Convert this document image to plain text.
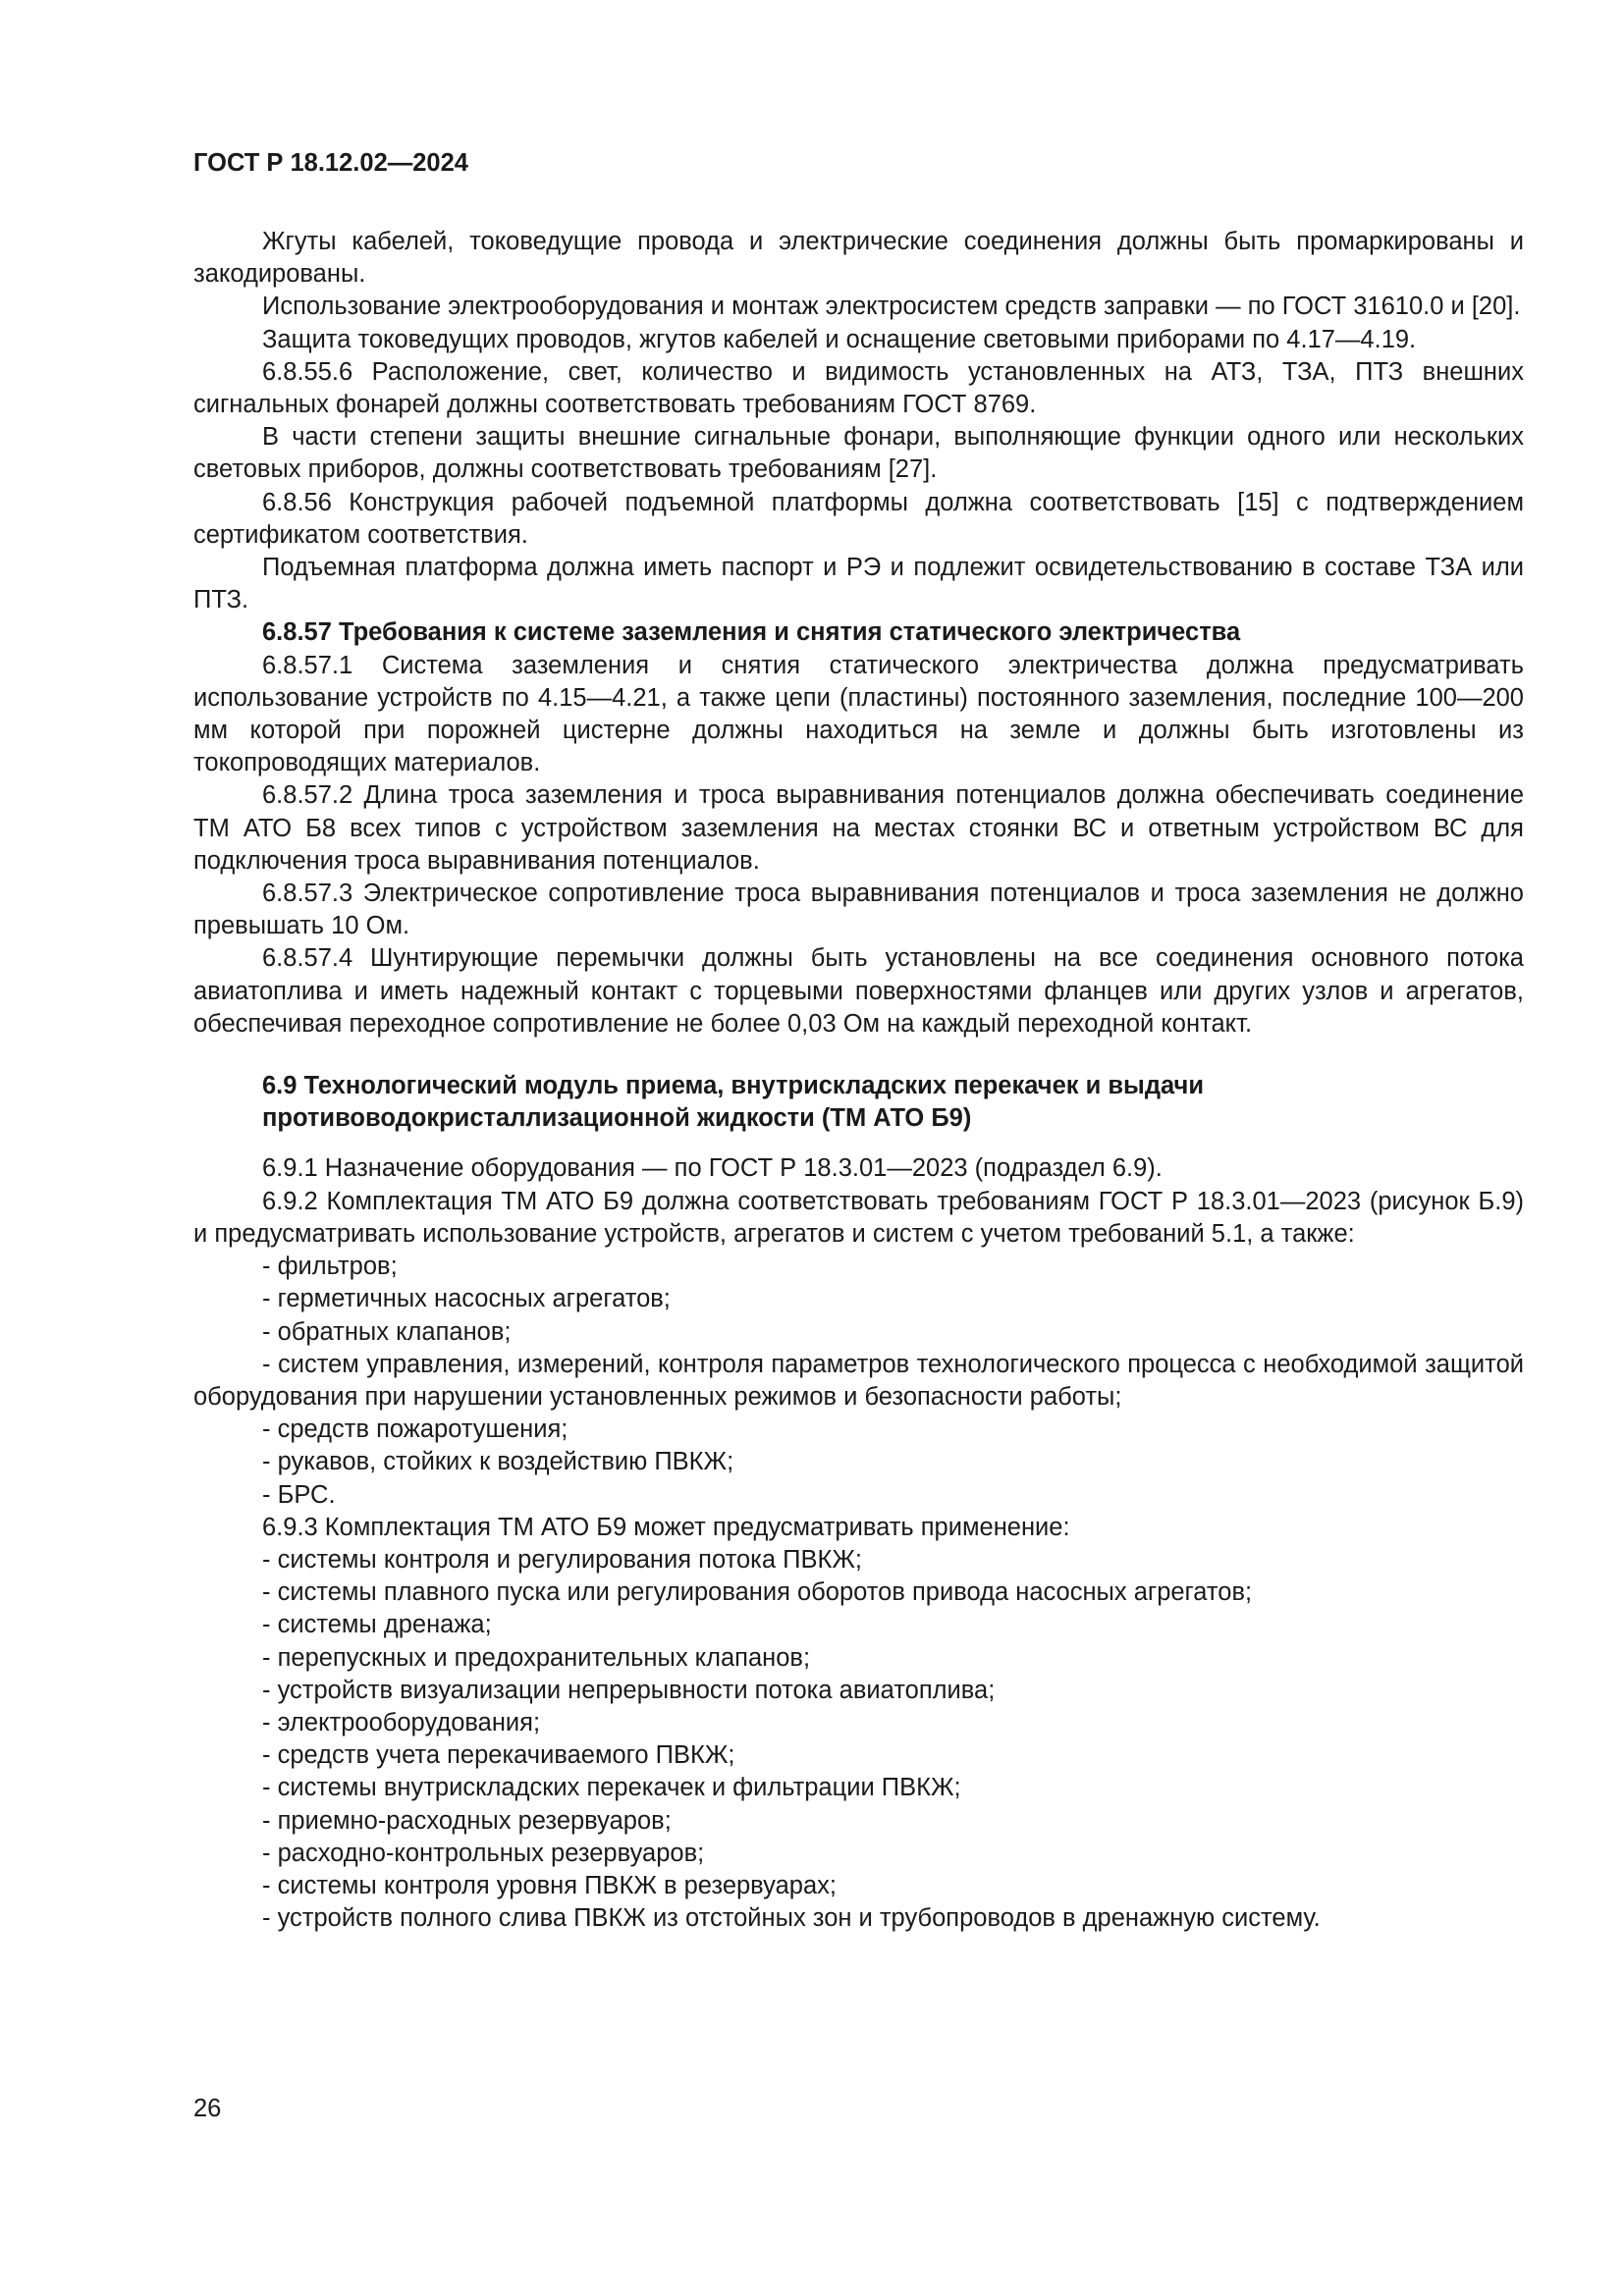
ГОСТ Р 18.12.02—2024

Жгуты кабелей, токоведущие провода и электрические соединения должны быть промаркированы и закодированы.

Использование электрооборудования и монтаж электросистем средств заправки — по ГОСТ 31610.0 и [20].

Защита токоведущих проводов, жгутов кабелей и оснащение световыми приборами по 4.17—4.19.

6.8.55.6 Расположение, свет, количество и видимость установленных на АТЗ, ТЗА, ПТЗ внешних сигнальных фонарей должны соответствовать требованиям ГОСТ 8769.

В части степени защиты внешние сигнальные фонари, выполняющие функции одного или нескольких световых приборов, должны соответствовать требованиям [27].

6.8.56 Конструкция рабочей подъемной платформы должна соответствовать [15] с подтверждением сертификатом соответствия.

Подъемная платформа должна иметь паспорт и РЭ и подлежит освидетельствованию в составе ТЗА или ПТЗ.

6.8.57 Требования к системе заземления и снятия статического электричества

6.8.57.1 Система заземления и снятия статического электричества должна предусматривать использование устройств по 4.15—4.21, а также цепи (пластины) постоянного заземления, последние 100—200 мм которой при порожней цистерне должны находиться на земле и должны быть изготовлены из токопроводящих материалов.

6.8.57.2 Длина троса заземления и троса выравнивания потенциалов должна обеспечивать соединение ТМ АТО Б8 всех типов с устройством заземления на местах стоянки ВС и ответным устройством ВС для подключения троса выравнивания потенциалов.

6.8.57.3 Электрическое сопротивление троса выравнивания потенциалов и троса заземления не должно превышать 10 Ом.

6.8.57.4 Шунтирующие перемычки должны быть установлены на все соединения основного потока авиатоплива и иметь надежный контакт с торцевыми поверхностями фланцев или других узлов и агрегатов, обеспечивая переходное сопротивление не более 0,03 Ом на каждый переходной контакт.

6.9 Технологический модуль приема, внутрискладских перекачек и выдачи
противоводокристаллизационной жидкости (ТМ АТО Б9)

6.9.1 Назначение оборудования — по ГОСТ Р 18.3.01—2023 (подраздел 6.9).

6.9.2 Комплектация ТМ АТО Б9 должна соответствовать требованиям ГОСТ Р 18.3.01—2023 (рисунок Б.9) и предусматривать использование устройств, агрегатов и систем с учетом требований 5.1, а также:

- фильтров;
- герметичных насосных агрегатов;
- обратных клапанов;

- систем управления, измерений, контроля параметров технологического процесса с необходимой защитой оборудования при нарушении установленных режимов и безопасности работы;

- средств пожаротушения;
- рукавов, стойких к воздействию ПВКЖ;
- БРС.

6.9.3 Комплектация ТМ АТО Б9 может предусматривать применение:

- системы контроля и регулирования потока ПВКЖ;
- системы плавного пуска или регулирования оборотов привода насосных агрегатов;
- системы дренажа;
- перепускных и предохранительных клапанов;
- устройств визуализации непрерывности потока авиатоплива;
- электрооборудования;
- средств учета перекачиваемого ПВКЖ;
- системы внутрискладских перекачек и фильтрации ПВКЖ;
- приемно-расходных резервуаров;
- расходно-контрольных резервуаров;
- системы контроля уровня ПВКЖ в резервуарах;
- устройств полного слива ПВКЖ из отстойных зон и трубопроводов в дренажную систему.
26
